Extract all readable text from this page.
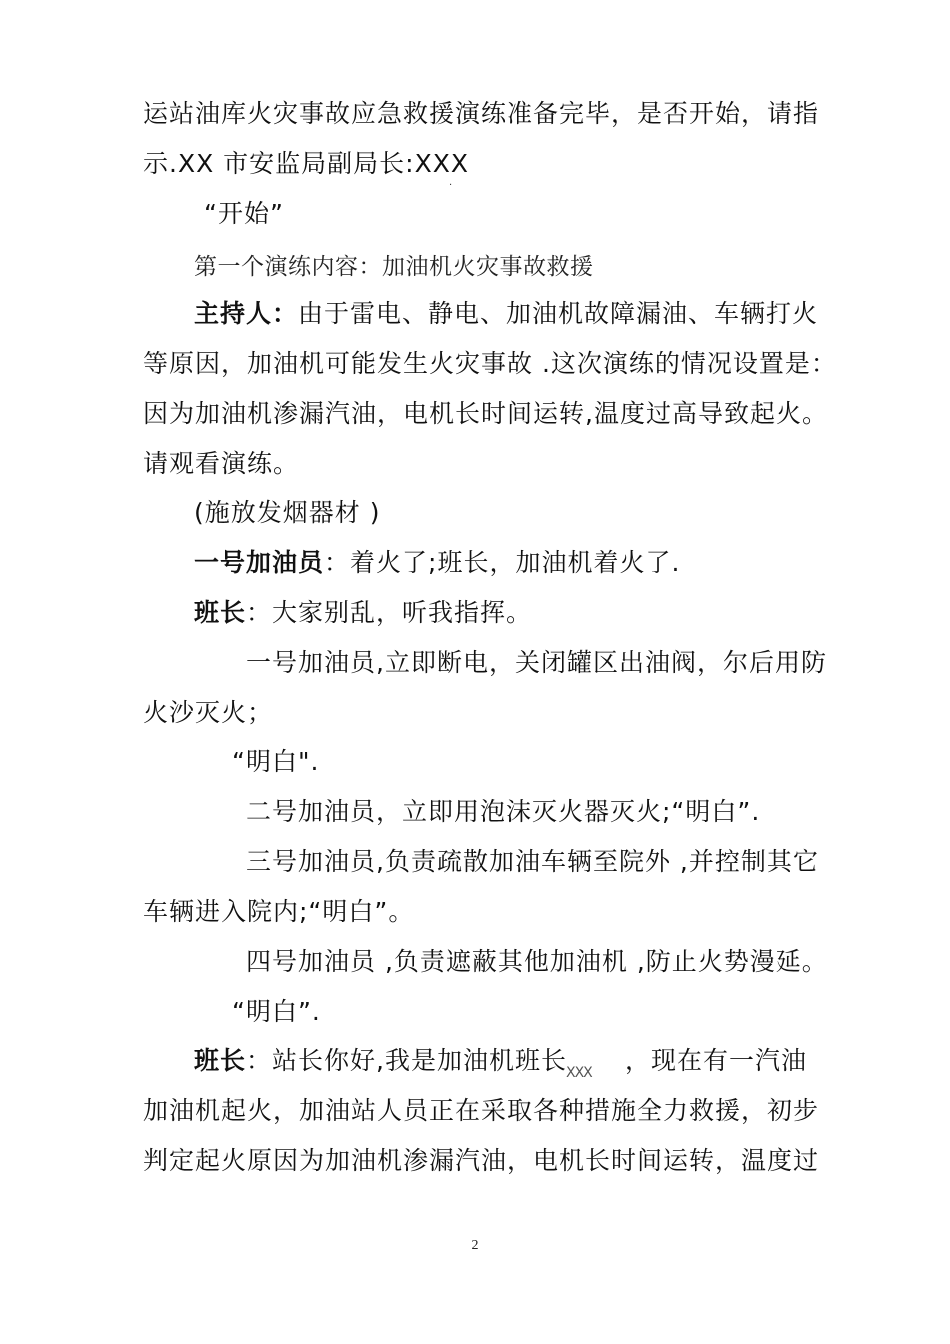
运站油库火灾事故应急救援演练准备完毕，是否开始，请指
示.XX 市安监局副局长:XXX
.
“开始”
第一个演练内容：加油机火灾事故救援
主持人：由于雷电、静电、加油机故障漏油、车辆打火
等原因，加油机可能发生火灾事故 .这次演练的情况设置是：
因为加油机渗漏汽油，电机长时间运转,温度过高导致起火。
请观看演练。
(施放发烟器材 )
一号加油员：着火了;班长，加油机着火了.
班长：大家别乱，听我指挥。
一号加油员,立即断电，关闭罐区出油阀，尔后用防
火沙灭火；
“明白".
二号加油员，立即用泡沫灭火器灭火;“明白”.
三号加油员,负责疏散加油车辆至院外 ,并控制其它
车辆进入院内;“明白”。
四号加油员 ,负责遮蔽其他加油机 ,防止火势漫延。
“明白”.
班长：站长你好,我是加油机班长 XXX ，现在有一汽油
加油机起火，加油站人员正在采取各种措施全力救援，初步
判定起火原因为加油机渗漏汽油，电机长时间运转，温度过
2
